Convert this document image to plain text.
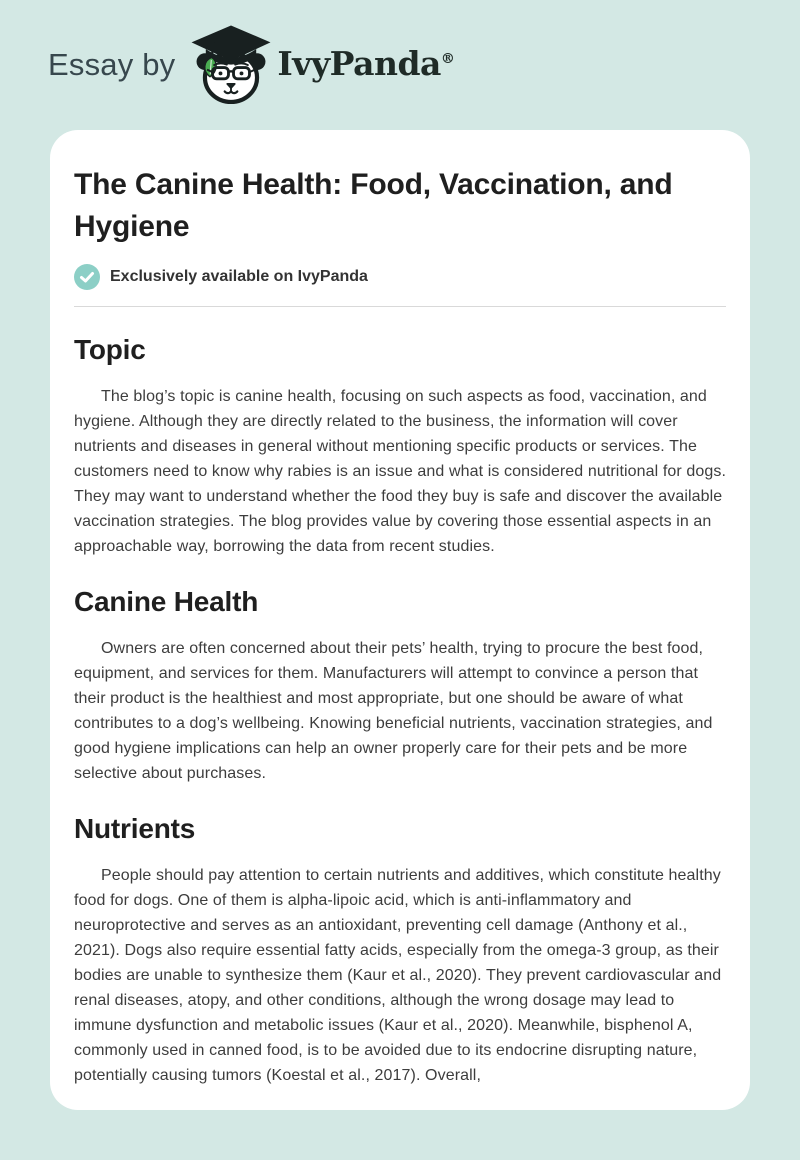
Essay by	IvyPanda®
The Canine Health: Food, Vaccination, and Hygiene
Exclusively available on IvyPanda
Topic

The blog’s topic is canine health, focusing on such aspects as food, vaccination, and hygiene. Although they are directly related to the business, the information will cover nutrients and diseases in general without mentioning specific products or services. The customers need to know why rabies is an issue and what is considered nutritional for dogs. They may want to understand whether the food they buy is safe and discover the available vaccination strategies. The blog provides value by covering those essential aspects in an approachable way, borrowing the data from recent studies.

Canine Health

Owners are often concerned about their pets’ health, trying to procure the best food, equipment, and services for them. Manufacturers will attempt to convince a person that their product is the healthiest and most appropriate, but one should be aware of what contributes to a dog’s wellbeing. Knowing beneficial nutrients, vaccination strategies, and good hygiene implications can help an owner properly care for their pets and be more selective about purchases.

Nutrients

People should pay attention to certain nutrients and additives, which constitute healthy food for dogs. One of them is alpha-lipoic acid, which is anti-inflammatory and neuroprotective and serves as an antioxidant, preventing cell damage (Anthony et al., 2021). Dogs also require essential fatty acids, especially from the omega-3 group, as their bodies are unable to synthesize them (Kaur et al., 2020). They prevent cardiovascular and renal diseases, atopy, and other conditions, although the wrong dosage may lead to immune dysfunction and metabolic issues (Kaur et al., 2020). Meanwhile, bisphenol A, commonly used in canned food, is to be avoided due to its endocrine disrupting nature, potentially causing tumors (Koestal et al., 2017). Overall,
